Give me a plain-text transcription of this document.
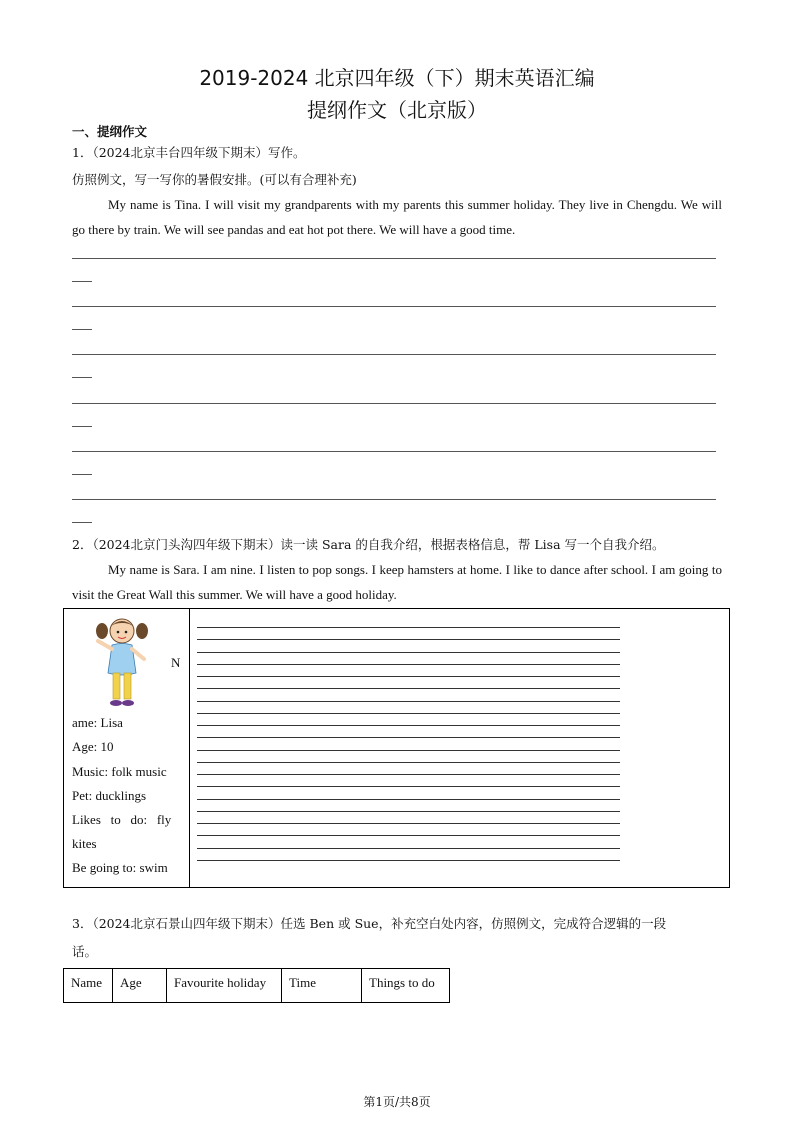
2019-2024 北京四年级（下）期末英语汇编
提纲作文（北京版）
一、提纲作文
1．（2024北京丰台四年级下期末）写作。
仿照例文，写一写你的暑假安排。(可以有合理补充)
My name is Tina. I will visit my grandparents with my parents this summer holiday. They live in Chengdu. We will go there by train. We will see pandas and eat hot pot there. We will have a good time.
2．（2024北京门头沟四年级下期末）读一读 Sara 的自我介绍，根据表格信息，帮 Lisa 写一个自我介绍。
My name is Sara. I am nine. I listen to pop songs. I keep hamsters at home. I like to dance after school. I am going to visit the Great Wall this summer. We will have a good holiday.
N
ame: Lisa
Age: 10
Music: folk music
Pet: ducklings
Likes   to   do:   fly
kites
Be going to: swim
3．（2024北京石景山四年级下期末）任选 Ben 或 Sue，补充空白处内容，仿照例文，完成符合逻辑的一段
话。
Name	Age	Favourite holiday	Time	Things to do
第1页/共8页
